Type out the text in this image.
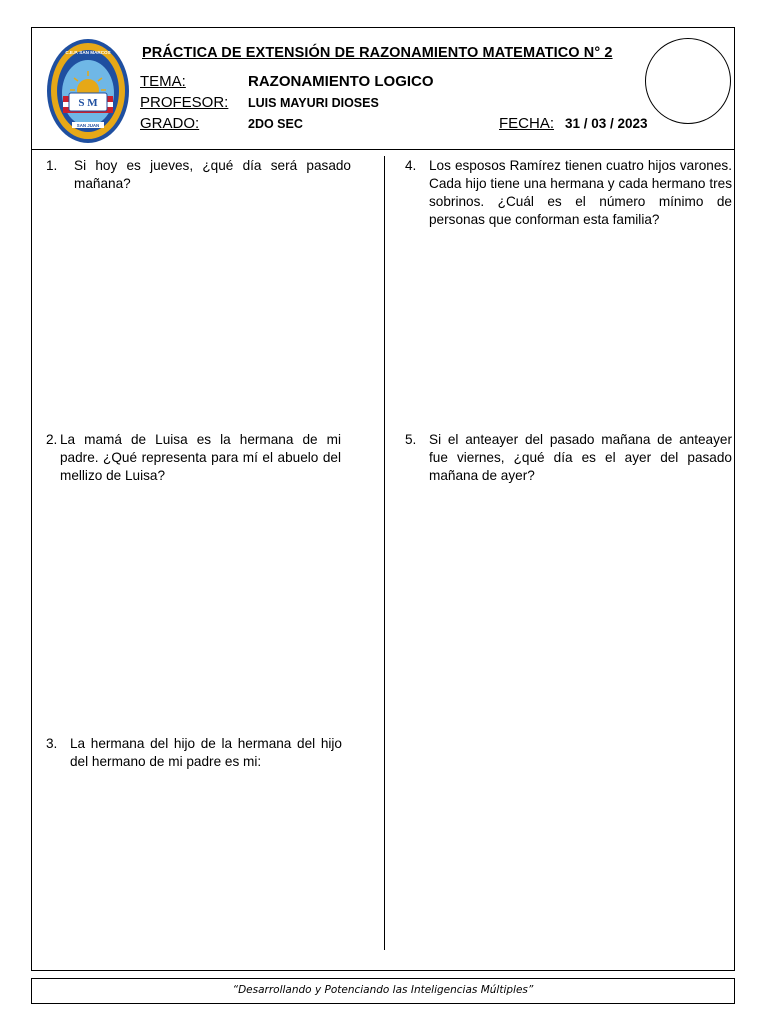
S M
C.E.P. SAN MARCOS
SAN JUAN
PRÁCTICA DE EXTENSIÓN DE RAZONAMIENTO MATEMATICO N° 2
TEMA:	RAZONAMIENTO LOGICO
PROFESOR: LUIS MAYURI DIOSES
GRADO:	2DO SEC	FECHA: 31 / 03 / 2023
1. Si hoy es jueves, ¿qué día será pasado mañana?
2. La mamá de Luisa es la hermana de mi padre. ¿Qué representa para mí el abuelo del mellizo de Luisa?
3. La hermana del hijo de la hermana del hijo del hermano de mi padre es mi:
4. Los esposos Ramírez tienen cuatro hijos varones. Cada hijo tiene una hermana y cada hermano tres sobrinos. ¿Cuál es el número mínimo de personas que conforman esta familia?
5. Si el anteayer del pasado mañana de anteayer fue viernes, ¿qué día es el ayer del pasado mañana de ayer?
“Desarrollando y Potenciando las Inteligencias Múltiples”
